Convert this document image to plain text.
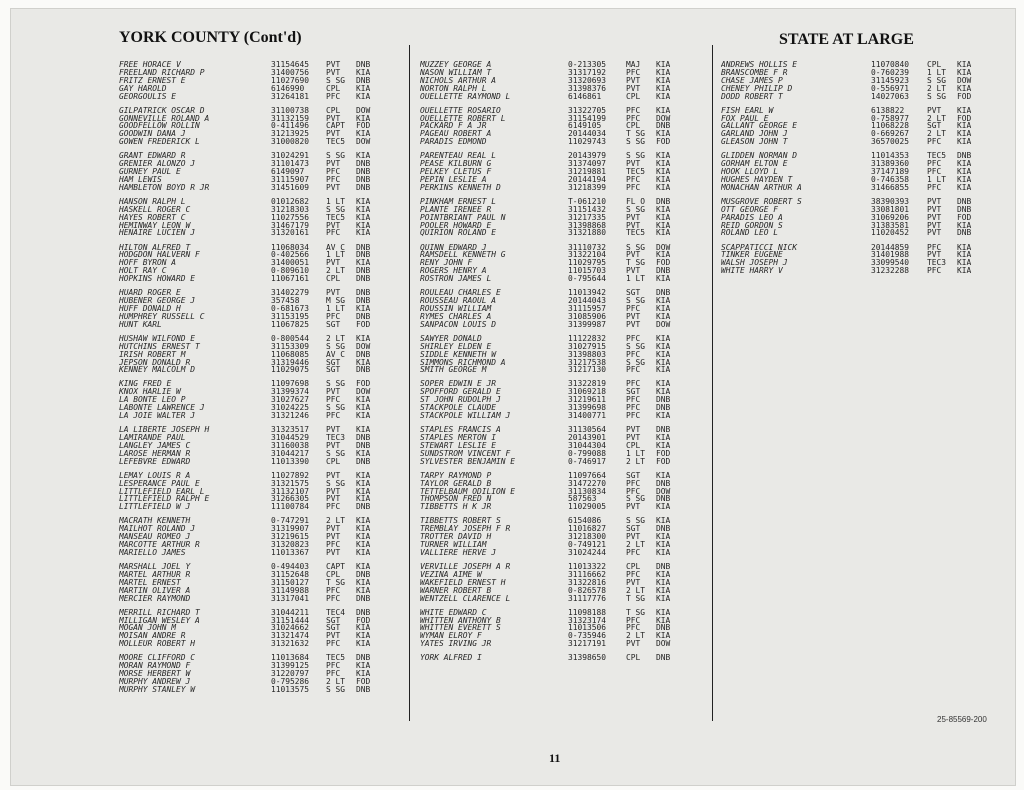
YORK COUNTY (Cont'd)	STATE AT LARGE
FREE HORACE V	31154645	PVT	DNB
FREELAND RICHARD P	31400756	PVT	KIA
FRITZ ERNEST E	11027690	S SG	DNB
GAY HAROLD	6146990	CPL	KIA
GEORGOULIS E	31264181	PFC	KIA
GILPATRICK OSCAR D	31100738	CPL	DOW
GONNEVILLE ROLAND A	31132159	PVT	KIA
GOODFELLOW ROLLIN	0-411496	CAPT	FOD
GOODWIN DANA J	31213925	PVT	KIA
GOWEN FREDERICK L	31000820	TEC5	DOW
GRANT EDWARD R	31024291	S SG	KIA
GRENIER ALONZO J	31101473	PVT	DNB
GURNEY PAUL E	6149097	PFC	DNB
HAM LEWIS	31115907	PFC	DNB
HAMBLETON BOYD R JR	31451609	PVT	DNB
HANSON RALPH L	01012682	1 LT	KIA
HASKELL ROGER C	31218303	S SG	KIA
HAYES ROBERT C	11027556	TEC5	KIA
HEMINWAY LEON W	31467179	PVT	KIA
HENAIRE LUCIEN J	31320161	PFC	KIA
HILTON ALFRED T	11068034	AV C	DNB
HODGDON HALVERN F	0-402566	1 LT	DNB
HOFF BYRON A	31400051	PVT	KIA
HOLT RAY C	0-809610	2 LT	DNB
HOPKINS HOWARD E	11067161	CPL	DNB
HUARD ROGER E	31402279	PVT	DNB
HUBENER GEORGE J	357458	M SG	DNB
HUFF DONALD H	0-681673	1 LT	KIA
HUMPHREY RUSSELL C	31153195	PFC	DNB
HUNT KARL	11067825	SGT	FOD
HUSHAW WILFOND E	0-800544	2 LT	KIA
HUTCHINS ERNEST T	31153309	S SG	DOW
IRISH ROBERT M	11068085	AV C	DNB
JEPSON DONALD R	31319446	SGT	KIA
KENNEY MALCOLM D	11029075	SGT	DNB
KING FRED E	11097698	S SG	FOD
KNOX HARLIE W	31399374	PVT	DOW
LA BONTE LEO P	31027627	PFC	KIA
LABONTE LAWRENCE J	31024225	S SG	KIA
LA JOIE WALTER J	31321246	PFC	KIA
LA LIBERTE JOSEPH H	31323517	PVT	KIA
LAMIRANDE PAUL	31044529	TEC3	DNB
LANGLEY JAMES C	31160038	PVT	DNB
LAROSE HERMAN R	31044217	S SG	KIA
LEFEBVRE EDWARD	11013390	CPL	DNB
LEMAY LOUIS R A	11027892	PVT	KIA
LESPERANCE PAUL E	31321575	S SG	KIA
LITTLEFIELD EARL L	31132107	PVT	KIA
LITTLEFIELD RALPH E	31266305	PVT	KIA
LITTLEFIELD W J	11100784	PFC	DNB
MACRATH KENNETH	0-747291	2 LT	KIA
MAILHOT ROLAND J	31319907	PVT	KIA
MANSEAU ROMEO J	31219615	PVT	KIA
MARCOTTE ARTHUR R	31320823	PFC	KIA
MARIELLO JAMES	11013367	PVT	KIA
MARSHALL JOEL Y	0-494403	CAPT	KIA
MARTEL ARTHUR R	31152648	CPL	DNB
MARTEL ERNEST	31150127	T SG	KIA
MARTIN OLIVER A	31149988	PFC	KIA
MERCIER RAYMOND	31317041	PFC	DNB
MERRILL RICHARD T	31044211	TEC4	DNB
MILLIGAN WESLEY A	31151444	SGT	FOD
MOGAN JOHN M	31024662	SGT	KIA
MOISAN ANDRE R	31321474	PVT	KIA
MOLLEUR ROBERT H	31321632	PFC	KIA
MOORE CLIFFORD C	11013684	TEC5	DNB
MORAN RAYMOND F	31399125	PFC	KIA
MORSE HERBERT W	31220797	PFC	KIA
MURPHY ANDREW J	0-795286	2 LT	FOD
MURPHY STANLEY W	11013575	S SG	DNB
MUZZEY GEORGE A	0-213305	MAJ	KIA
NASON WILLIAM T	31317192	PFC	KIA
NICHOLS ARTHUR A	31320693	PVT	KIA
NORTON RALPH L	31398376	PVT	KIA
OUELLETTE RAYMOND L	6146861	CPL	KIA
OUELLETTE ROSARIO	31322705	PFC	KIA
OUELLETTE ROBERT L	31154199	PFC	DOW
PACKARD F A JR	6149105	CPL	DNB
PAGEAU ROBERT A	20144034	T SG	KIA
PARADIS EDMOND	11029743	S SG	FOD
PARENTEAU REAL L	20143979	S SG	KIA
PEASE KILBURN G	31374097	PVT	KIA
PELKEY CLETUS F	31219881	TEC5	KIA
PEPIN LESLIE A	20144194	PFC	KIA
PERKINS KENNETH D	31218399	PFC	KIA
PINKHAM ERNEST L	T-061210	FL O	DNB
PLANTE IRENEE R	31151432	S SG	KIA
POINTBRIANT PAUL N	31217335	PVT	KIA
POOLER HOWARD E	31398868	PVT	KIA
QUIRION ROLAND E	31321880	TEC5	KIA
QUINN EDWARD J	31110732	S SG	DOW
RAMSDELL KENNETH G	31322104	PVT	KIA
RENY JOHN F	11029795	T SG	FOD
ROGERS HENRY A	11015703	PVT	DNB
ROSTRON JAMES L	0-795644	1 LT	KIA
ROULEAU CHARLES E	11013942	SGT	DNB
ROUSSEAU RAOUL A	20144043	S SG	KIA
ROUSSIN WILLIAM	31115957	PFC	KIA
RYMES CHARLES A	31085906	PVT	KIA
SANPACON LOUIS D	31399987	PVT	DOW
SAWYER DONALD	11122832	PFC	KIA
SHIRLEY ELDEN E	31027915	S SG	KIA
SIDDLE KENNETH W	31398803	PFC	KIA
SIMMONS RICHMOND A	31217538	S SG	KIA
SMITH GEORGE M	31217130	PFC	KIA
SOPER EDWIN E JR	31322819	PFC	KIA
SPOFFORD GERALD E	31069218	SGT	KIA
ST JOHN RUDOLPH J	31219611	PFC	DNB
STACKPOLE CLAUDE	31399698	PFC	DNB
STACKPOLE WILLIAM J	31400771	PFC	KIA
STAPLES FRANCIS A	31130564	PVT	DNB
STAPLES MERTON I	20143901	PVT	KIA
STEWART LESLIE E	31044304	CPL	KIA
SUNDSTROM VINCENT F	0-799088	1 LT	FOD
SYLVESTER BENJAMIN E	0-746917	2 LT	FOD
TARPY RAYMOND P	11097664	SGT	KIA
TAYLOR GERALD B	31472270	PFC	DNB
TETTELBAUM ODILION E	31130834	PFC	DOW
THOMPSON FRED N	587563	S SG	DNB
TIBBETTS H K JR	11029005	PVT	KIA
TIBBETTS ROBERT S	6154086	S SG	KIA
TREMBLAY JOSEPH F R	11016827	SGT	DNB
TROTTER DAVID H	31218300	PVT	KIA
TURNER WILLIAM	0-749121	2 LT	KIA
VALLIERE HERVE J	31024244	PFC	KIA
VERVILLE JOSEPH A R	11013322	CPL	DNB
VEZINA AIME W	31116662	PFC	KIA
WAKEFIELD ERNEST H	31322816	PVT	KIA
WARNER ROBERT B	0-826578	2 LT	KIA
WENTZELL CLARENCE L	31117776	T SG	KIA
WHITE EDWARD C	11098188	T SG	KIA
WHITTEN ANTHONY B	31323174	PFC	KIA
WHITTEN EVERETT S	11013506	PFC	DNB
WYMAN ELROY F	0-735946	2 LT	KIA
YATES IRVING JR	31217191	PVT	DOW
YORK ALFRED I	31398650	CPL	DNB
ANDREWS HOLLIS E	11070840	CPL	KIA
BRANSCOMBE F R	0-760239	1 LT	KIA
CHASE JAMES P	31145923	S SG	DOW
CHENEY PHILIP D	0-556971	2 LT	KIA
DODD ROBERT T	14027063	S SG	FOD
FISH EARL W	6138822	PVT	KIA
FOX PAUL E	0-758977	2 LT	FOD
GALLANT GEORGE E	11068228	SGT	KIA
GARLAND JOHN J	0-669267	2 LT	KIA
GLEASON JOHN T	36570025	PFC	KIA
GLIDDEN NORMAN D	11014353	TEC5	DNB
GORHAM ELTON E	31389360	PFC	KIA
HOOK LLOYD L	37147189	PFC	KIA
HUGHES HAYDEN T	0-746358	1 LT	KIA
MONACHAN ARTHUR A	31466855	PFC	KIA
MUSGROVE ROBERT S	38390393	PVT	DNB
OTT GEORGE F	33081801	PVT	DNB
PARADIS LEO A	31069206	PVT	FOD
REID GORDON S	31383581	PVT	KIA
ROLAND LEO L	11020452	PVT	DNB
SCAPPATICCI NICK	20144859	PFC	KIA
TINKER EUGENE	31401988	PVT	KIA
WALSH JOSEPH J	33099540	TEC3	KIA
WHITE HARRY V	31232288	PFC	KIA
11
25-85569-200
